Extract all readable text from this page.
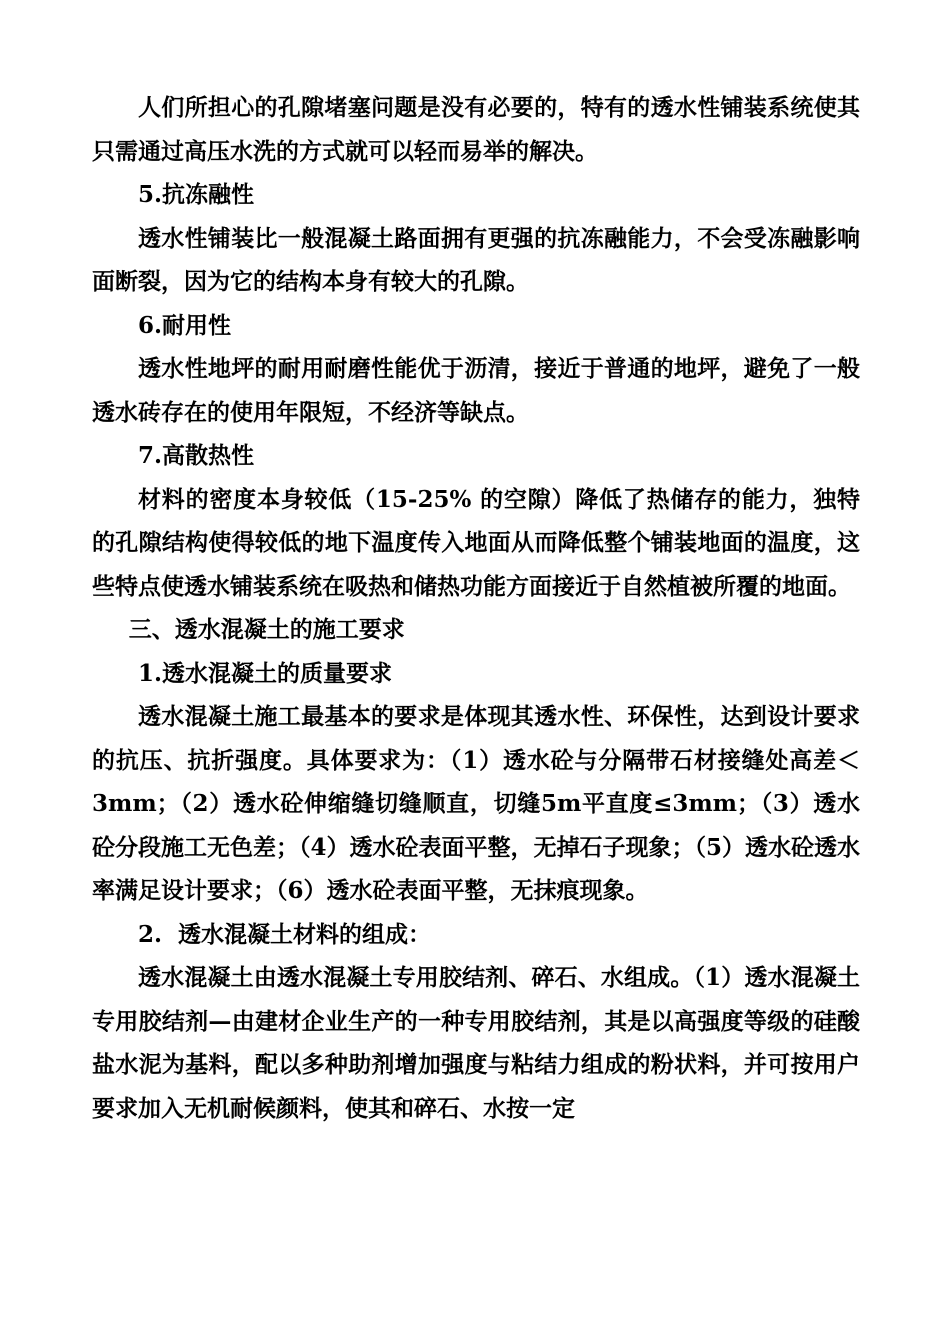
人们所担心的孔隙堵塞问题是没有必要的，特有的透水性铺装系统使其只需通过高压水洗的方式就可以轻而易举的解决。

5.抗冻融性

透水性铺装比一般混凝土路面拥有更强的抗冻融能力，不会受冻融影响面断裂，因为它的结构本身有较大的孔隙。

6.耐用性

透水性地坪的耐用耐磨性能优于沥清，接近于普通的地坪，避免了一般透水砖存在的使用年限短，不经济等缺点。

7.高散热性

材料的密度本身较低（15-25% 的空隙）降低了热储存的能力，独特的孔隙结构使得较低的地下温度传入地面从而降低整个铺装地面的温度，这些特点使透水铺装系统在吸热和储热功能方面接近于自然植被所覆的地面。

三、透水混凝土的施工要求

1.透水混凝土的质量要求

透水混凝土施工最基本的要求是体现其透水性、环保性，达到设计要求的抗压、抗折强度。具体要求为：（1）透水砼与分隔带石材接缝处高差＜3mm；（2）透水砼伸缩缝切缝顺直，切缝5m平直度≤3mm；（3）透水砼分段施工无色差；（4）透水砼表面平整，无掉石子现象；（5）透水砼透水率满足设计要求；（6）透水砼表面平整，无抹痕现象。

2.  透水混凝土材料的组成：

透水混凝土由透水混凝土专用胶结剂、碎石、水组成。（1）透水混凝土专用胶结剂—由建材企业生产的一种专用胶结剂，其是以高强度等级的硅酸盐水泥为基料，配以多种助剂增加强度与粘结力组成的粉状料，并可按用户要求加入无机耐候颜料，使其和碎石、水按一定
